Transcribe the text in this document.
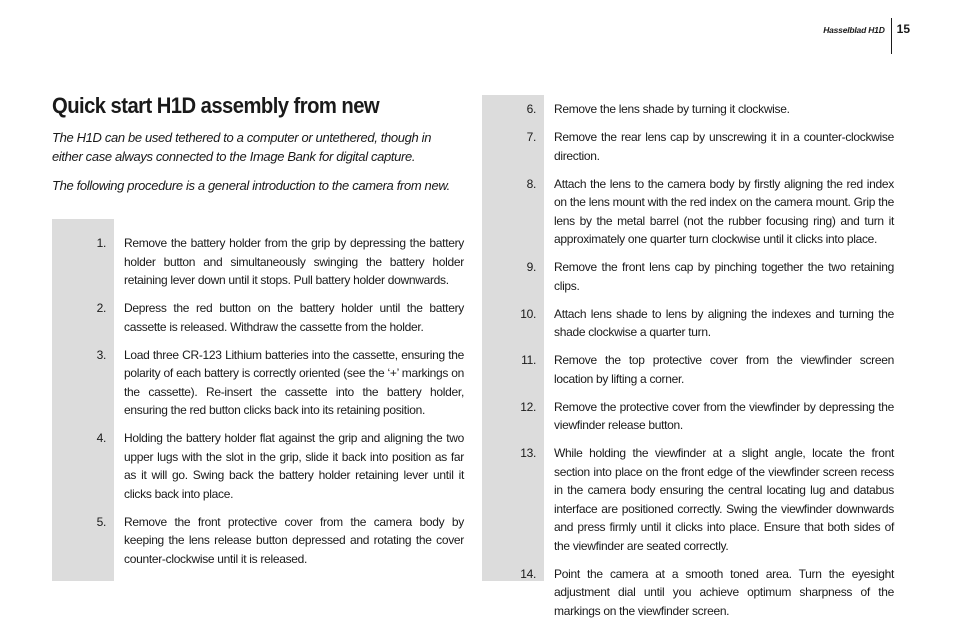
Hasselblad H1D	15
Quick start H1D assembly from new

The H1D can be used tethered to a computer or untethered, though in either case always connected to the Image Bank for digital capture.

The following procedure is a general introduction to the camera from new.

1. Remove the battery holder from the grip by depressing the battery holder button and simultaneously swinging the battery holder retaining lever down until it stops. Pull battery holder downwards.
2. Depress the red button on the battery holder until the battery cassette is released. Withdraw the cassette from the holder.
3. Load three CR-123 Lithium batteries into the cassette, ensuring the polarity of each battery is correctly oriented (see the ‘+’ markings on the cassette). Re-insert the cassette into the battery holder, ensuring the red button clicks back into its retaining position.
4. Holding the battery holder flat against the grip and aligning the two upper lugs with the slot in the grip, slide it back into position as far as it will go. Swing back the battery holder retaining lever until it clicks back into place.
5. Remove the front protective cover from the camera body by keeping the lens release button depressed and rotating the cover counter-clockwise until it is released.
6. Remove the lens shade by turning it clockwise.
7. Remove the rear lens cap by unscrewing it in a counter-clockwise direction.
8. Attach the lens to the camera body by firstly aligning the red index on the lens mount with the red index on the camera mount. Grip the lens by the metal barrel (not the rubber focusing ring) and turn it approximately one quarter turn clockwise until it clicks into place.
9. Remove the front lens cap by pinching together the two retaining clips.
10. Attach lens shade to lens by aligning the indexes and turning the shade clockwise a quarter turn.
11. Remove the top protective cover from the viewfinder screen location by lifting a corner.
12. Remove the protective cover from the viewfinder by depressing the viewfinder release button.
13. While holding the viewfinder at a slight angle, locate the front section into place on the front edge of the viewfinder screen recess in the camera body ensuring the central locating lug and databus interface are positioned correctly. Swing the viewfinder downwards and press firmly until it clicks into place. Ensure that both sides of the viewfinder are seated correctly.
14. Point the camera at a smooth toned area. Turn the eyesight adjustment dial until you achieve optimum sharpness of the markings on the viewfinder screen.
